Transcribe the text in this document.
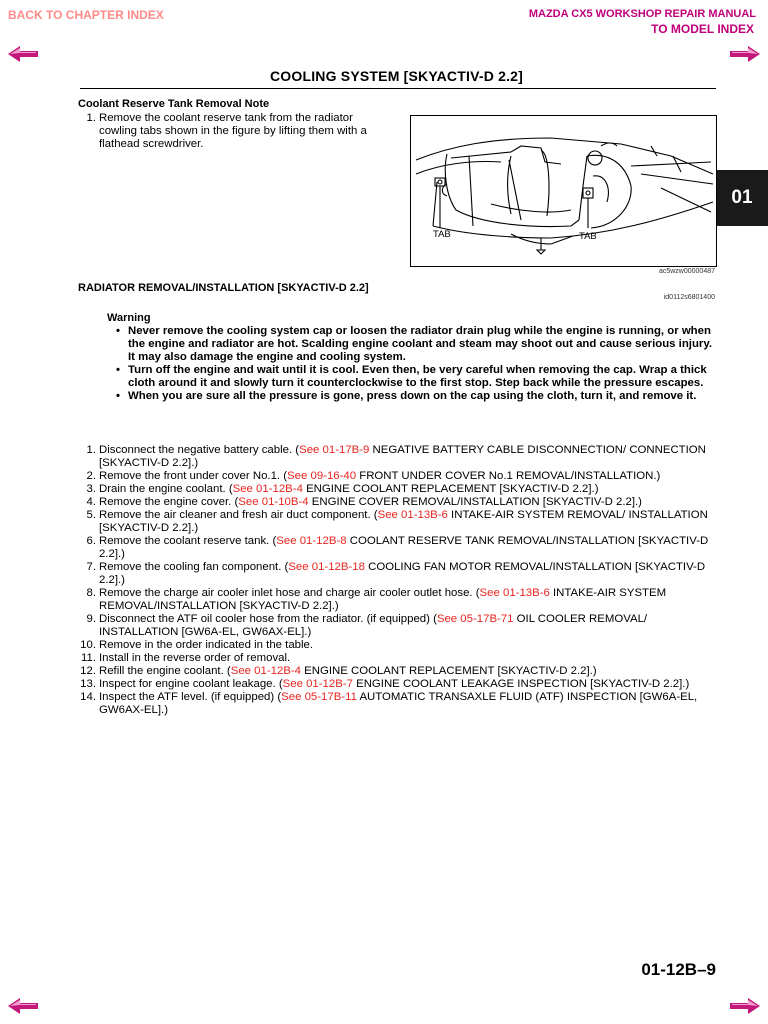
BACK TO CHAPTER INDEX	MAZDA CX5 WORKSHOP REPAIR MANUAL
TO MODEL INDEX
COOLING SYSTEM [SKYACTIV-D 2.2]
01
Coolant Reserve Tank Removal Note
1. Remove the coolant reserve tank from the radiator cowling tabs shown in the figure by lifting them with a flathead screwdriver.
TAB	TAB
ac5wzw00000487
RADIATOR REMOVAL/INSTALLATION [SKYACTIV-D 2.2]
id0112s6801400
Warning
• Never remove the cooling system cap or loosen the radiator drain plug while the engine is running, or when the engine and radiator are hot. Scalding engine coolant and steam may shoot out and cause serious injury. It may also damage the engine and cooling system.
• Turn off the engine and wait until it is cool. Even then, be very careful when removing the cap. Wrap a thick cloth around it and slowly turn it counterclockwise to the first stop. Step back while the pressure escapes.
• When you are sure all the pressure is gone, press down on the cap using the cloth, turn it, and remove it.
1. Disconnect the negative battery cable. (See 01-17B-9 NEGATIVE BATTERY CABLE DISCONNECTION/ CONNECTION [SKYACTIV-D 2.2].)
2. Remove the front under cover No.1. (See 09-16-40 FRONT UNDER COVER No.1 REMOVAL/INSTALLATION.)
3. Drain the engine coolant. (See 01-12B-4 ENGINE COOLANT REPLACEMENT [SKYACTIV-D 2.2].)
4. Remove the engine cover. (See 01-10B-4 ENGINE COVER REMOVAL/INSTALLATION [SKYACTIV-D 2.2].)
5. Remove the air cleaner and fresh air duct component. (See 01-13B-6 INTAKE-AIR SYSTEM REMOVAL/ INSTALLATION [SKYACTIV-D 2.2].)
6. Remove the coolant reserve tank. (See 01-12B-8 COOLANT RESERVE TANK REMOVAL/INSTALLATION [SKYACTIV-D 2.2].)
7. Remove the cooling fan component. (See 01-12B-18 COOLING FAN MOTOR REMOVAL/INSTALLATION [SKYACTIV-D 2.2].)
8. Remove the charge air cooler inlet hose and charge air cooler outlet hose. (See 01-13B-6 INTAKE-AIR SYSTEM REMOVAL/INSTALLATION [SKYACTIV-D 2.2].)
9. Disconnect the ATF oil cooler hose from the radiator. (if equipped) (See 05-17B-71 OIL COOLER REMOVAL/ INSTALLATION [GW6A-EL, GW6AX-EL].)
10. Remove in the order indicated in the table.
11. Install in the reverse order of removal.
12. Refill the engine coolant. (See 01-12B-4 ENGINE COOLANT REPLACEMENT [SKYACTIV-D 2.2].)
13. Inspect for engine coolant leakage. (See 01-12B-7 ENGINE COOLANT LEAKAGE INSPECTION [SKYACTIV-D 2.2].)
14. Inspect the ATF level. (if equipped) (See 05-17B-11 AUTOMATIC TRANSAXLE FLUID (ATF) INSPECTION [GW6A-EL, GW6AX-EL].)
01-12B–9
